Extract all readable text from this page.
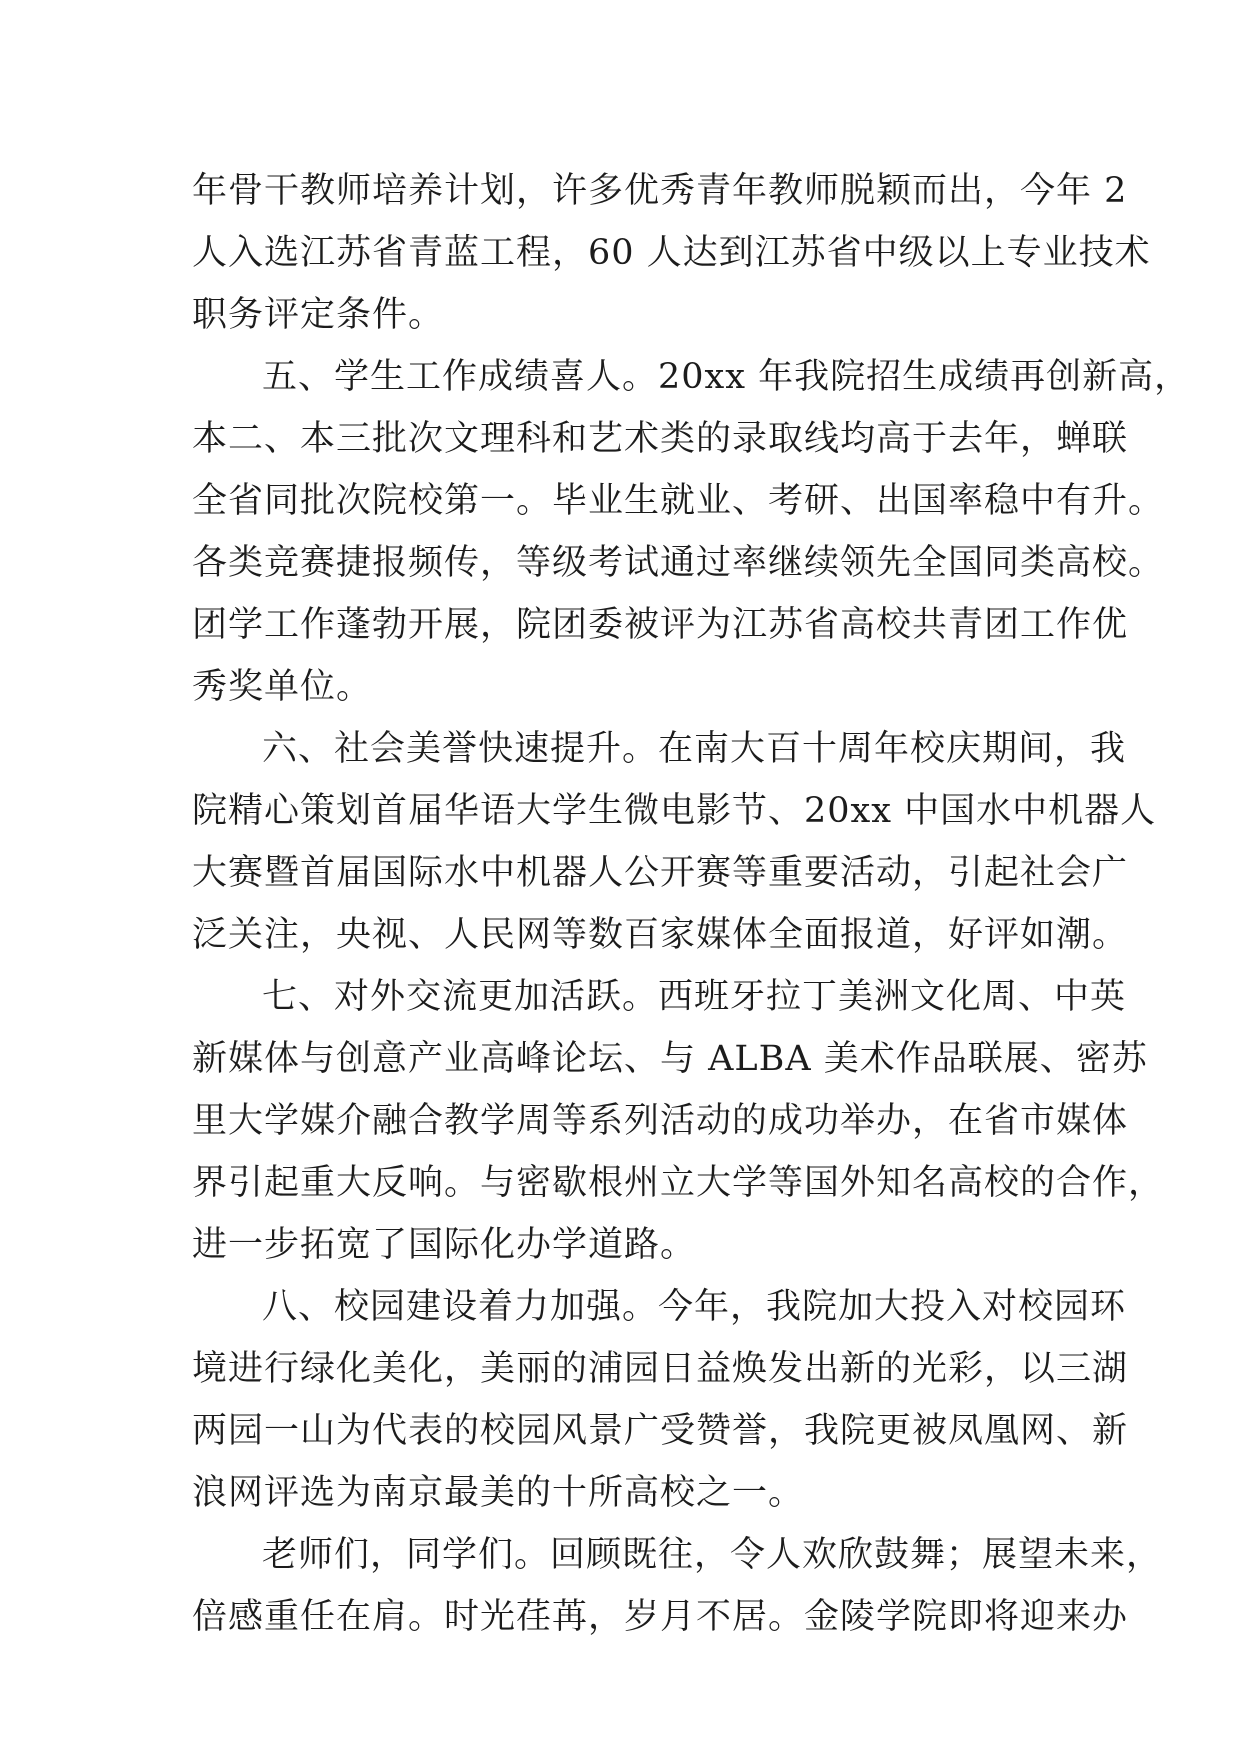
年骨干教师培养计划，许多优秀青年教师脱颖而出，今年 2
人入选江苏省青蓝工程，60 人达到江苏省中级以上专业技术
职务评定条件。

五、学生工作成绩喜人。20xx 年我院招生成绩再创新高，
本二、本三批次文理科和艺术类的录取线均高于去年，蝉联
全省同批次院校第一。毕业生就业、考研、出国率稳中有升。
各类竞赛捷报频传，等级考试通过率继续领先全国同类高校。
团学工作蓬勃开展，院团委被评为江苏省高校共青团工作优
秀奖单位。

六、社会美誉快速提升。在南大百十周年校庆期间，我
院精心策划首届华语大学生微电影节、20xx 中国水中机器人
大赛暨首届国际水中机器人公开赛等重要活动，引起社会广
泛关注，央视、人民网等数百家媒体全面报道，好评如潮。

七、对外交流更加活跃。西班牙拉丁美洲文化周、中英
新媒体与创意产业高峰论坛、与 ALBA 美术作品联展、密苏
里大学媒介融合教学周等系列活动的成功举办，在省市媒体
界引起重大反响。与密歇根州立大学等国外知名高校的合作，
进一步拓宽了国际化办学道路。

八、校园建设着力加强。今年，我院加大投入对校园环
境进行绿化美化，美丽的浦园日益焕发出新的光彩，以三湖
两园一山为代表的校园风景广受赞誉，我院更被凤凰网、新
浪网评选为南京最美的十所高校之一。

老师们，同学们。回顾既往，令人欢欣鼓舞；展望未来，
倍感重任在肩。时光荏苒，岁月不居。金陵学院即将迎来办
